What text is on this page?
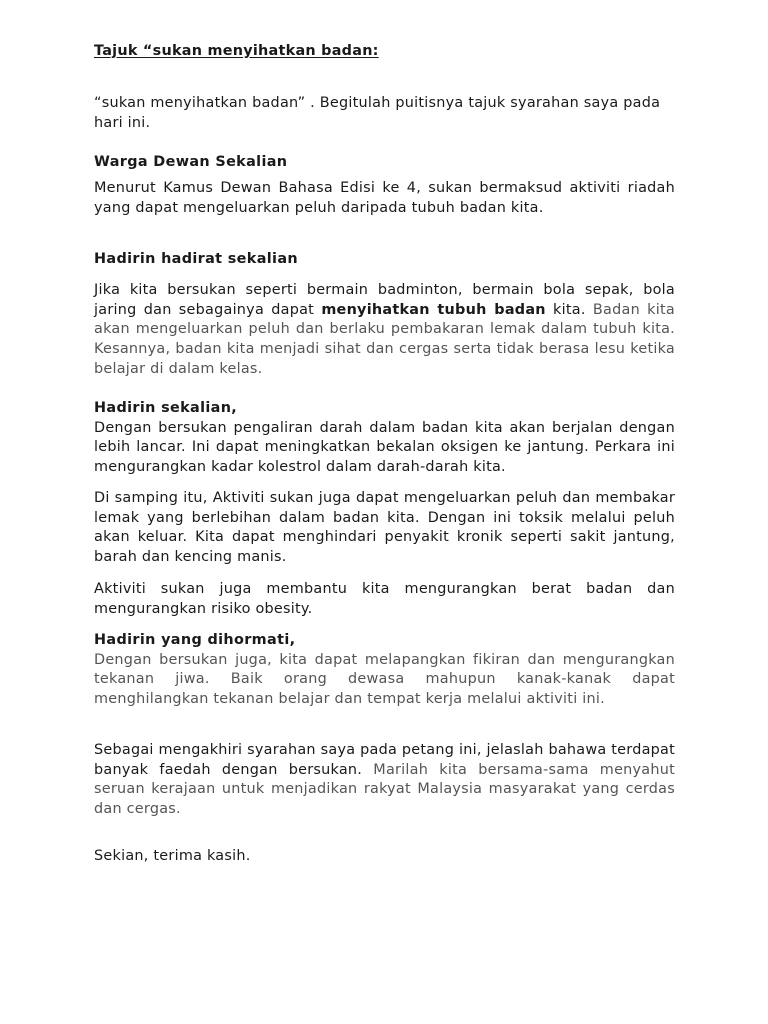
Tajuk “sukan menyihatkan badan:

“sukan menyihatkan badan” . Begitulah puitisnya tajuk syarahan saya pada hari ini.

Warga Dewan Sekalian

Menurut Kamus Dewan Bahasa Edisi ke 4, sukan bermaksud aktiviti riadah yang dapat mengeluarkan peluh daripada tubuh badan kita.

Hadirin hadirat sekalian

Jika kita bersukan seperti bermain badminton, bermain bola sepak, bola jaring dan sebagainya dapat menyihatkan tubuh badan kita. Badan kita akan mengeluarkan peluh dan berlaku pembakaran lemak dalam tubuh kita. Kesannya, badan kita menjadi sihat dan cergas serta tidak berasa lesu ketika belajar di dalam kelas.

Hadirin sekalian,
Dengan bersukan pengaliran darah dalam badan kita akan berjalan dengan lebih lancar. Ini dapat meningkatkan bekalan oksigen ke jantung. Perkara ini mengurangkan kadar kolestrol dalam darah-darah kita.

Di samping itu, Aktiviti sukan juga dapat mengeluarkan peluh dan membakar lemak yang berlebihan dalam badan kita. Dengan ini toksik melalui peluh akan keluar. Kita dapat menghindari penyakit kronik seperti sakit jantung, barah dan kencing manis.

Aktiviti sukan juga membantu kita mengurangkan berat badan dan mengurangkan risiko obesity.

Hadirin yang dihormati,
Dengan bersukan juga, kita dapat melapangkan fikiran dan mengurangkan tekanan jiwa. Baik orang dewasa mahupun kanak-kanak dapat menghilangkan tekanan belajar dan tempat kerja melalui aktiviti ini.

Sebagai mengakhiri syarahan saya pada petang ini, jelaslah bahawa terdapat banyak faedah dengan bersukan. Marilah kita bersama-sama menyahut seruan kerajaan untuk menjadikan rakyat Malaysia masyarakat yang cerdas dan cergas.

Sekian, terima kasih.
